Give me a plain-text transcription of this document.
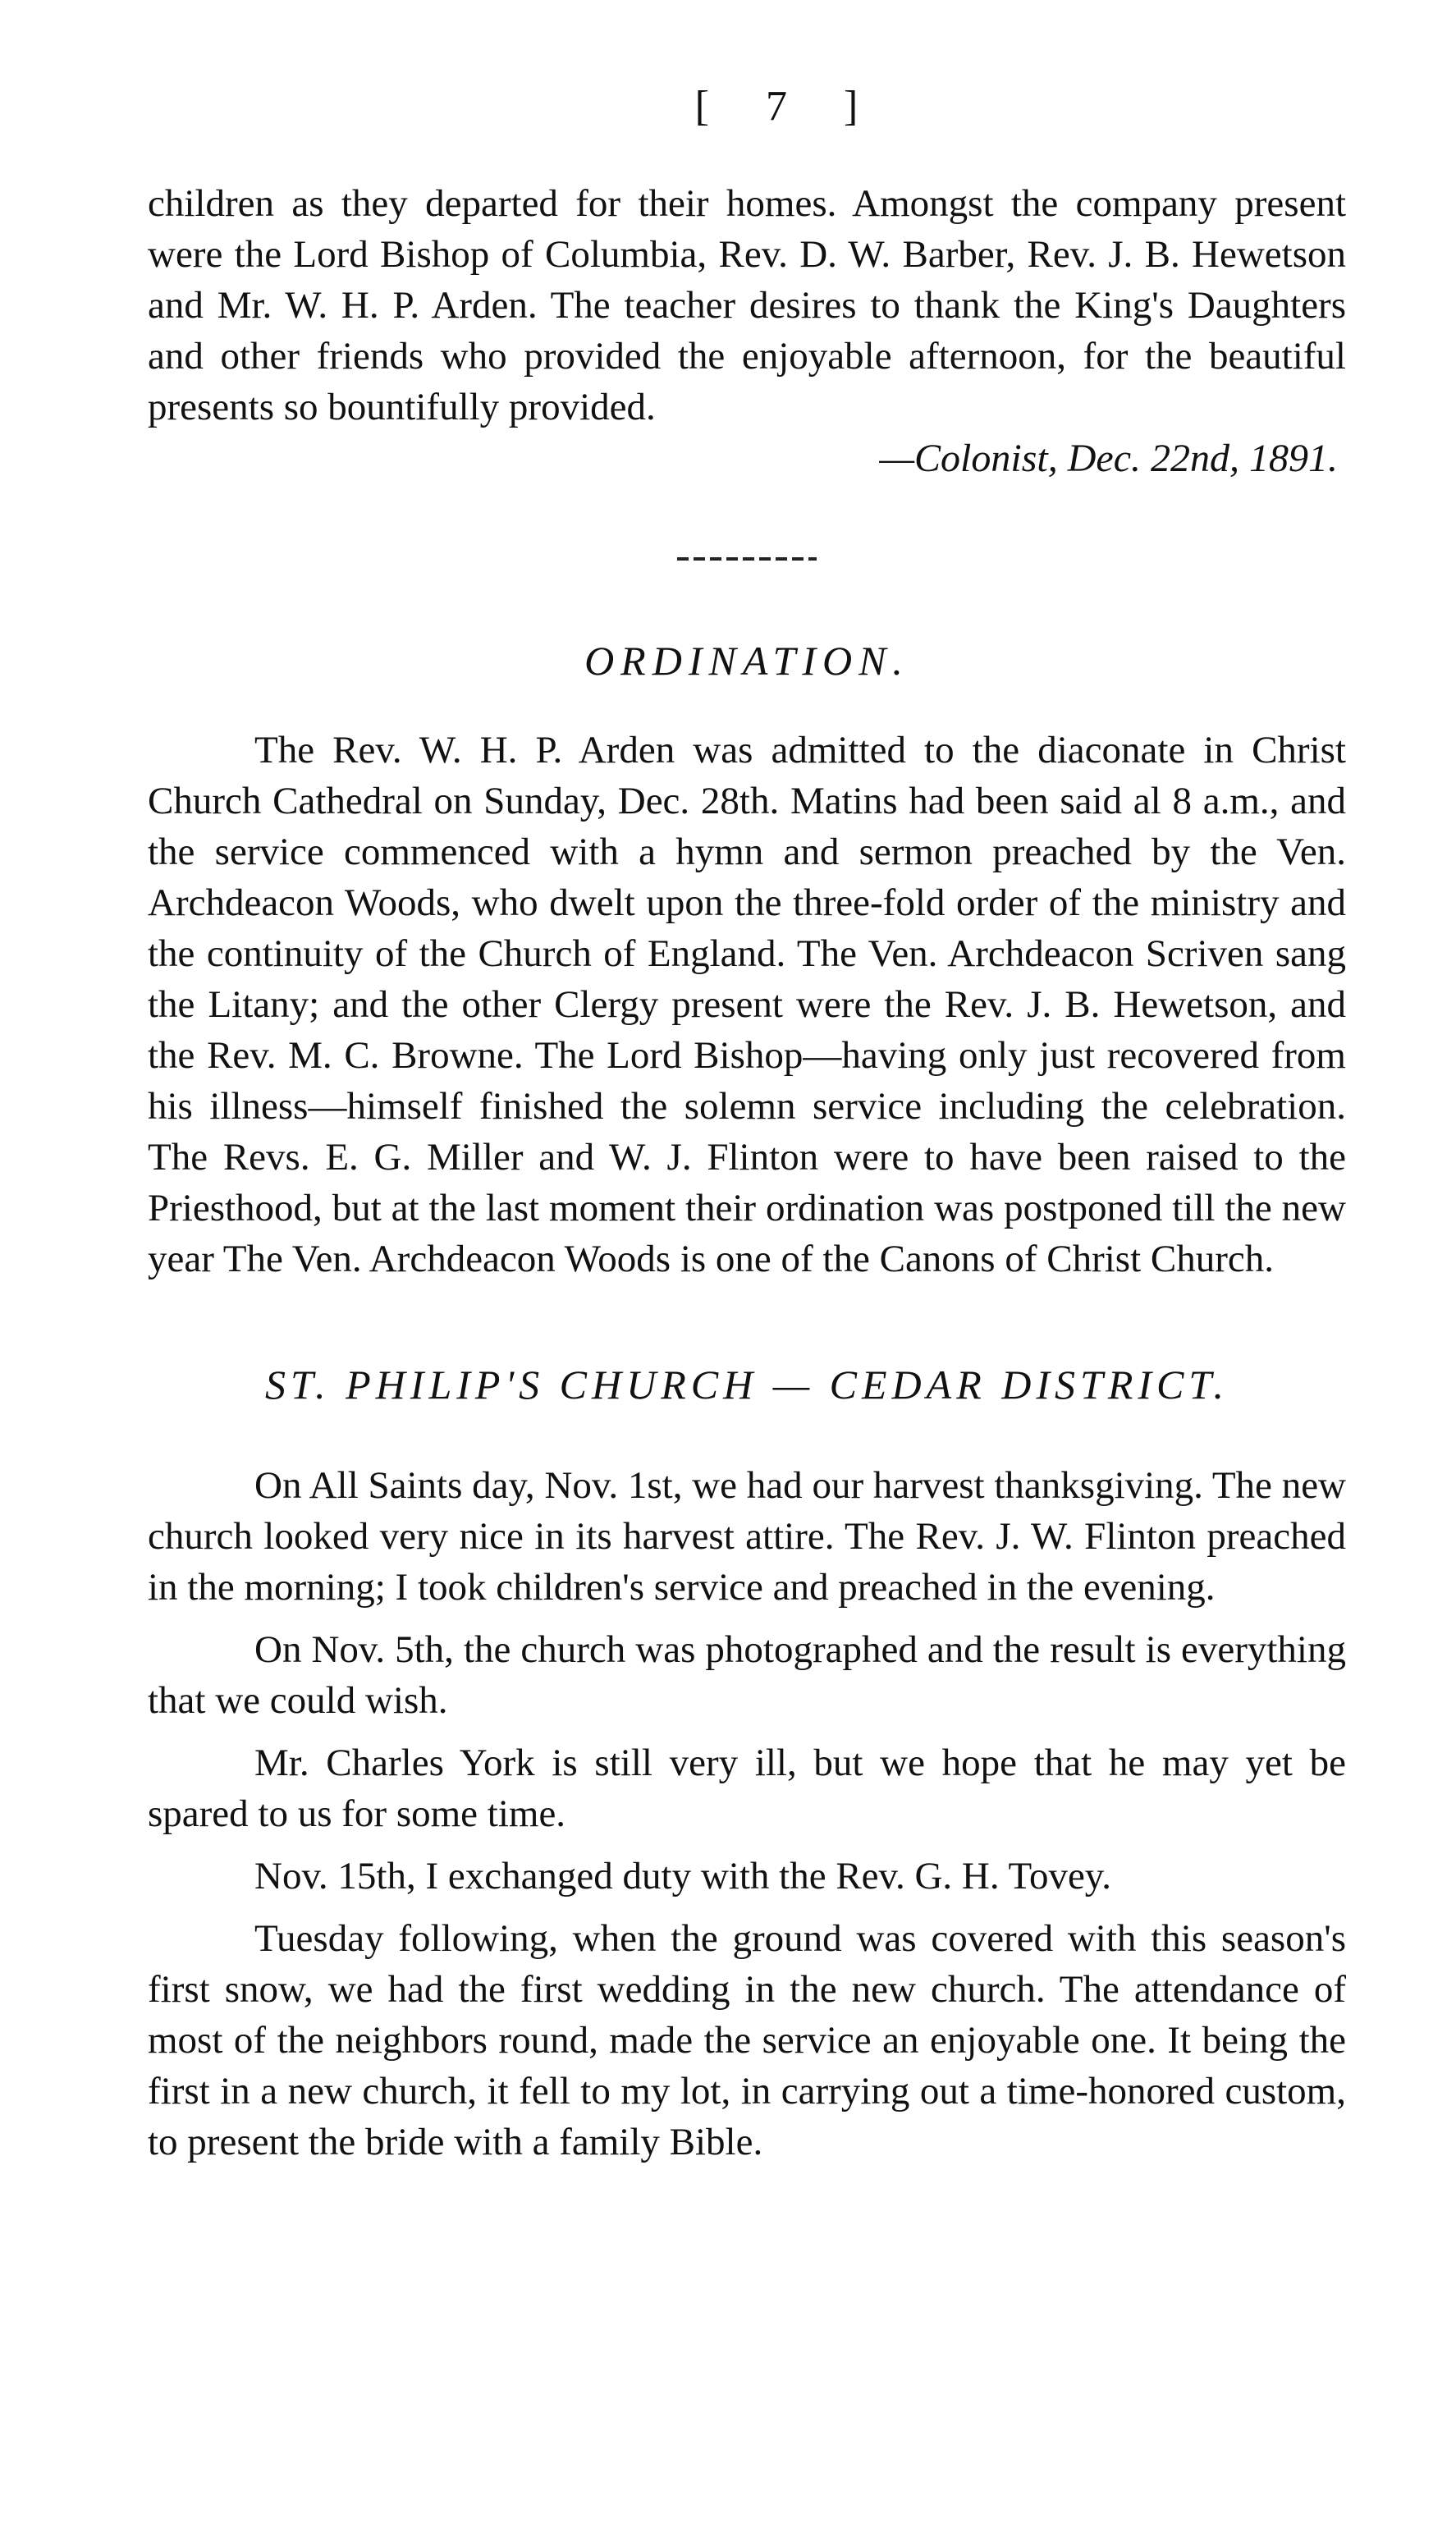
[ 7 ]

children as they departed for their homes. Amongst the company present were the Lord Bishop of Columbia, Rev. D. W. Barber, Rev. J. B. Hewetson and Mr. W. H. P. Arden. The teacher desires to thank the King's Daughters and other friends who provided the enjoyable afternoon, for the beautiful presents so bountifully provided.

—Colonist, Dec. 22nd, 1891.
ORDINATION.

The Rev. W. H. P. Arden was admitted to the diaconate in Christ Church Cathedral on Sunday, Dec. 28th. Matins had been said al 8 a.m., and the service commenced with a hymn and sermon preached by the Ven. Archdeacon Woods, who dwelt upon the three-fold order of the ministry and the continuity of the Church of England. The Ven. Archdeacon Scriven sang the Litany; and the other Clergy present were the Rev. J. B. Hewetson, and the Rev. M. C. Browne. The Lord Bishop—having only just recovered from his illness—himself finished the solemn service including the celebration. The Revs. E. G. Miller and W. J. Flinton were to have been raised to the Priesthood, but at the last moment their ordination was postponed till the new year The Ven. Archdeacon Woods is one of the Canons of Christ Church.

ST. PHILIP'S CHURCH — CEDAR DISTRICT.

On All Saints day, Nov. 1st, we had our harvest thanksgiving. The new church looked very nice in its harvest attire. The Rev. J. W. Flinton preached in the morning; I took children's service and preached in the evening.

On Nov. 5th, the church was photographed and the result is everything that we could wish.

Mr. Charles York is still very ill, but we hope that he may yet be spared to us for some time.

Nov. 15th, I exchanged duty with the Rev. G. H. Tovey.

Tuesday following, when the ground was covered with this season's first snow, we had the first wedding in the new church. The attendance of most of the neighbors round, made the service an enjoyable one. It being the first in a new church, it fell to my lot, in carrying out a time-honored custom, to present the bride with a family Bible.
